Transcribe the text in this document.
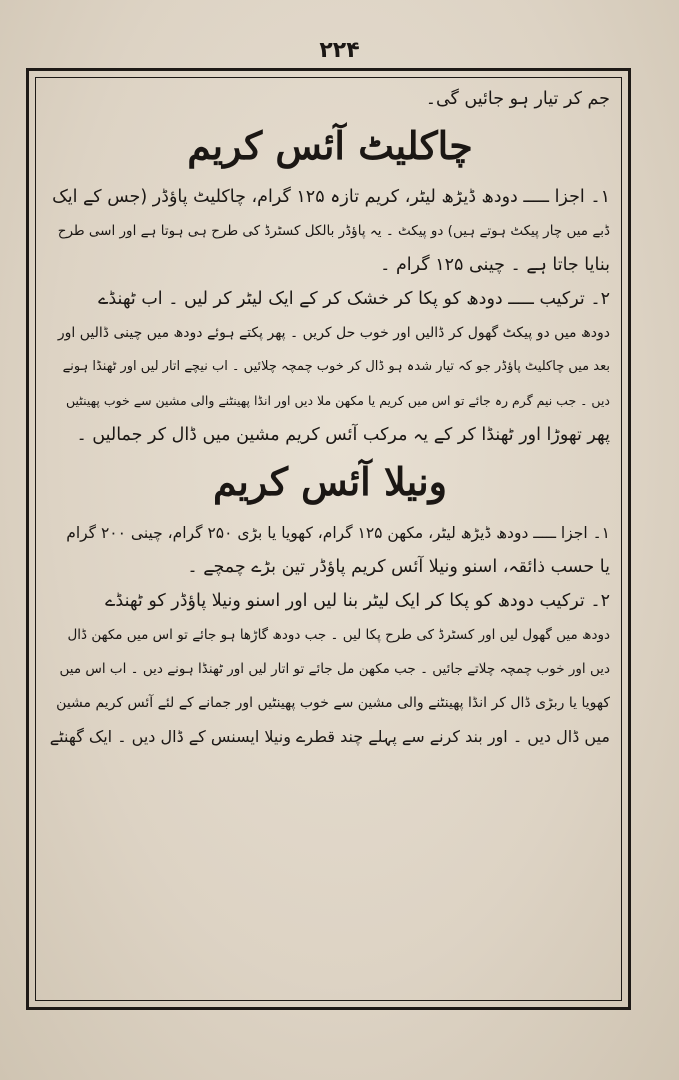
۲۲۴
جم کر تیار ہو جائیں گی۔
چاکلیٹ آئس کریم
۱۔ اجزا ـــــ دودھ ڈیڑھ لیٹر، کریم تازہ ۱۲۵ گرام، چاکلیٹ پاؤڈر (جس کے ایک
ڈبے میں چار پیکٹ ہوتے ہیں) دو پیکٹ ۔ یہ پاؤڈر بالکل کسٹرڈ کی طرح ہی ہوتا ہے اور اسی طرح
بنایا جاتا ہے ۔ چینی ۱۲۵ گرام ۔
۲۔ ترکیب ـــــ دودھ کو پکا کر خشک کر کے ایک لیٹر کر لیں ۔ اب ٹھنڈے
دودھ میں دو پیکٹ گھول کر ڈالیں اور خوب حل کریں ۔ پھر پکتے ہوئے دودھ میں چینی ڈالیں اور
بعد میں چاکلیٹ پاؤڈر جو کہ تیار شدہ ہو ڈال کر خوب چمچہ چلائیں ۔ اب نیچے اتار لیں اور ٹھنڈا ہونے
دیں ۔ جب نیم گرم رہ جائے تو اس میں کریم یا مکھن ملا دیں اور انڈا پھینٹنے والی مشین سے خوب پھینٹیں
پھر تھوڑا اور ٹھنڈا کر کے یہ مرکب آئس کریم مشین میں ڈال کر جمالیں ۔
ونیلا آئس کریم
۱۔ اجزا ـــــ دودھ ڈیڑھ لیٹر، مکھن ۱۲۵ گرام، کھویا یا بڑی ۲۵۰ گرام، چینی ۲۰۰ گرام
یا حسب ذائقہ، اسنو ونیلا آئس کریم پاؤڈر تین بڑے چمچے ۔
۲۔ ترکیب دودھ کو پکا کر ایک لیٹر بنا لیں اور اسنو ونیلا پاؤڈر کو ٹھنڈے
دودھ میں گھول لیں اور کسٹرڈ کی طرح پکا لیں ۔ جب دودھ گاڑھا ہو جائے تو اس میں مکھن ڈال
دیں اور خوب چمچہ چلاتے جائیں ۔ جب مکھن مل جائے تو اتار لیں اور ٹھنڈا ہونے دیں ۔ اب اس میں
کھویا یا ربڑی ڈال کر انڈا پھینٹنے والی مشین سے خوب پھینٹیں اور جمانے کے لئے آئس کریم مشین
میں ڈال دیں ۔ اور بند کرنے سے پہلے چند قطرے ونیلا ایسنس کے ڈال دیں ۔ ایک گھنٹے
